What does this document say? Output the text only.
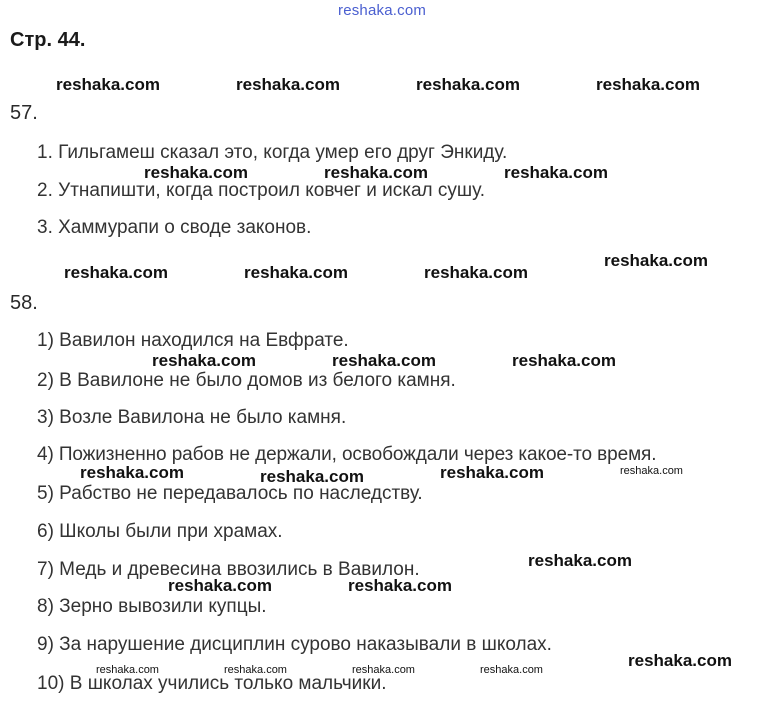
reshaka.com
Стр. 44.
57.
1. Гильгамеш сказал это, когда умер его друг Энкиду.
2. Утнапишти, когда построил ковчег и искал сушу.
3. Хаммурапи о своде законов.
58.
1) Вавилон находился на Евфрате.
2) В Вавилоне не было домов из белого камня.
3) Возле Вавилона не было камня.
4) Пожизненно рабов не держали, освобождали через какое-то время.
5) Рабство не передавалось по наследству.
6) Школы были при храмах.
7) Медь и древесина ввозились в Вавилон.
8) Зерно вывозили купцы.
9) За нарушение дисциплин сурово наказывали в школах.
10) В школах учились только мальчики.
reshaka.com	reshaka.com	reshaka.com	reshaka.com
reshaka.com	reshaka.com	reshaka.com
reshaka.com	reshaka.com	reshaka.com
reshaka.com
reshaka.com	reshaka.com	reshaka.com
reshaka.com	reshaka.com	reshaka.com	reshaka.com
reshaka.com
reshaka.com	reshaka.com
reshaka.com
reshaka.com	reshaka.com	reshaka.com	reshaka.com
